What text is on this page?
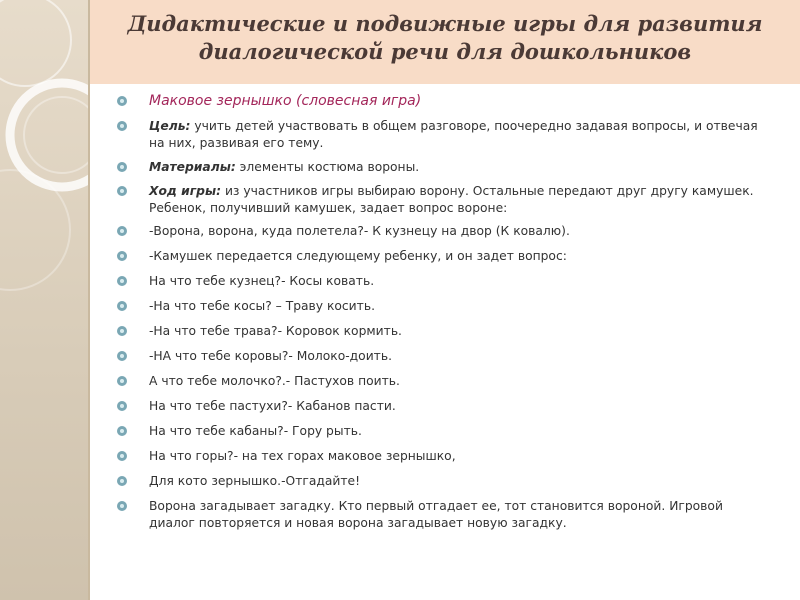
Дидактические и подвижные игры для развития
диалогической речи для дошкольников
Маковое зернышко (словесная игра)
Цель: учить детей участвовать в общем разговоре, поочередно задавая вопросы, и отвечая на них, развивая его тему.
Материалы: элементы костюма вороны.
Ход игры: из участников игры выбираю ворону. Остальные передают друг другу камушек. Ребенок, получивший камушек, задает вопрос вороне:
-Ворона, ворона, куда полетела?- К кузнецу на двор (К ковалю).
-Камушек передается следующему ребенку, и он задет вопрос:
На что тебе кузнец?- Косы ковать.
-На что тебе косы? – Траву косить.
-На что тебе трава?- Коровок кормить.
-НА что тебе коровы?- Молоко-доить.
А что тебе молочко?.- Пастухов поить.
На что тебе пастухи?- Кабанов пасти.
На что тебе кабаны?- Гору рыть.
На что горы?- на тех горах маковое зернышко,
Для кото зернышко.-Отгадайте!
Ворона загадывает загадку. Кто первый отгадает ее, тот становится вороной. Игровой
диалог повторяется и новая ворона загадывает новую загадку.
